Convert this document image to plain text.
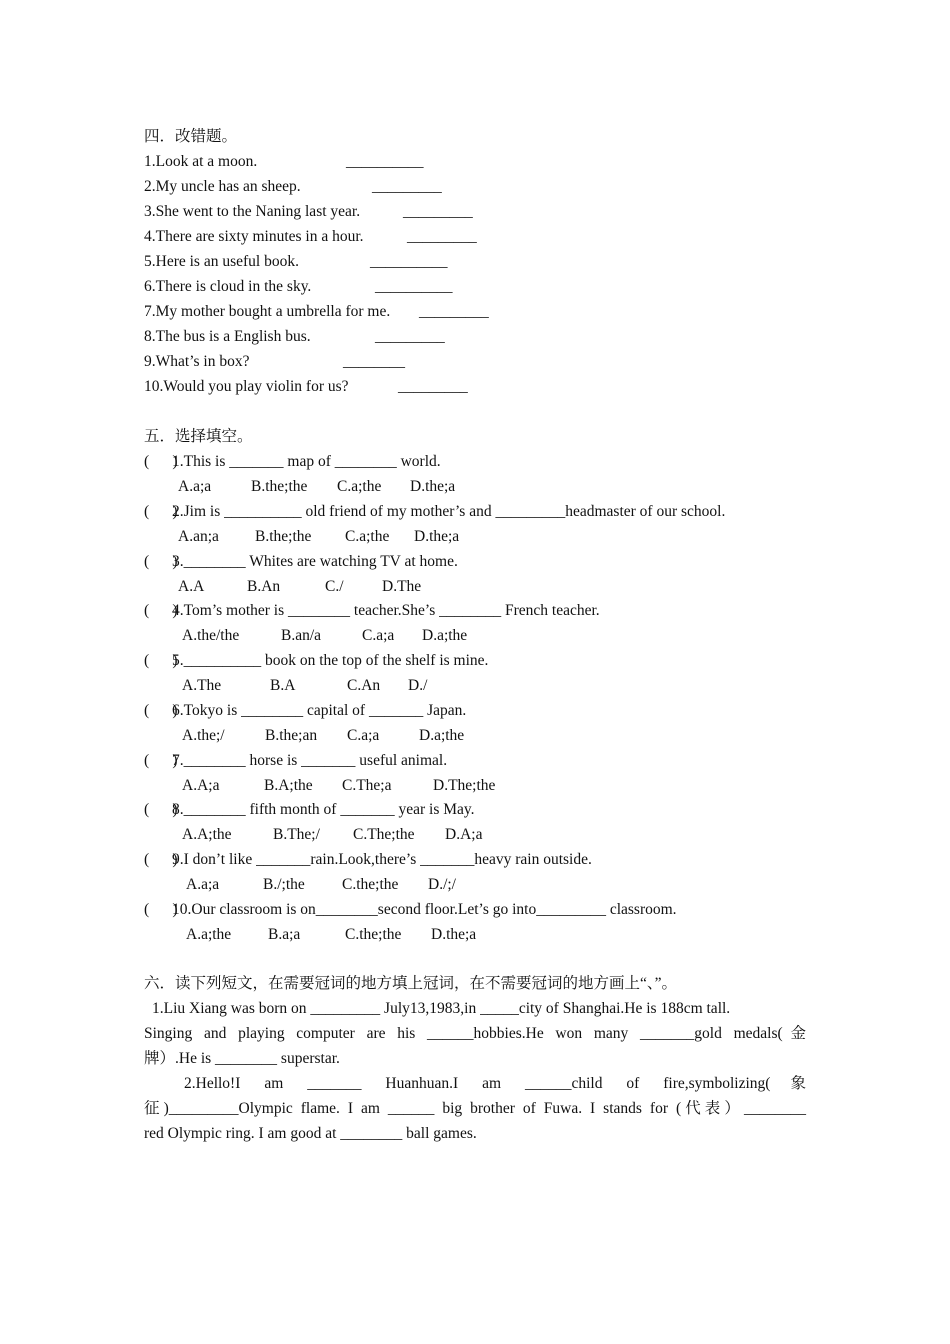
四．改错题。
1.Look at a moon.	__________
2.My uncle has an sheep.	_________
3.She went to the Naning last year.	_________
4.There are sixty minutes in a hour.	_________
5.Here is an useful book.	__________
6.There is cloud in the sky.	__________
7.My mother bought a umbrella for me. _________
8.The bus is a English bus.	_________
9.What’s in box?	________
10.Would you play violin for us?	_________
五．选择填空。
(      )
1.This is _______ map of ________ world.
A.a;a	B.the;the C.a;the D.the;a
(      )
2.Jim is __________ old friend of my mother’s and _________headmaster of our school.
A.an;a B.the;the C.a;the D.the;a
(      )
3.________ Whites are watching TV at home.
A.A	B.An	C./ D.The
(      )
4.Tom’s mother is ________ teacher.She’s ________ French teacher.
A.the/the	B.an/a	C.a;a D.a;the
(      )
5.__________ book on the top of the shelf is mine.
A.The	B.A	C.An D./
(      )
6.Tokyo is ________ capital of _______ Japan.
A.the;/	B.the;an C.a;a	D.a;the
(      )
7.________ horse is _______ useful animal.
A.A;a	B.A;the C.The;a	D.The;the
(      )
8.________ fifth month of _______ year is May.
A.A;the	B.The;/ C.The;the D.A;a
(      )
9.I don’t like _______rain.Look,there’s _______heavy rain outside.
A.a;a	B./;the C.the;the D./;/
(      )
10.Our classroom is on________second floor.Let’s go into_________ classroom.
A.a;the B.a;a	C.the;the D.the;a
六．读下列短文，在需要冠词的地方填上冠词，在不需要冠词的地方画上“、”。
1.Liu Xiang was born on _________ July13,1983,in _____city of Shanghai.He is 188cm tall.
Singing and playing computer are his ______hobbies.He won many _______gold medals(金
牌）.He is ________ superstar.
2.Hello!I am _______ Huanhuan.I am ______child of fire,symbolizing(象
征)_________Olympic flame. I am ______ big brother of Fuwa. I stands for (代表）________
red Olympic ring. I am good at ________ ball games.
